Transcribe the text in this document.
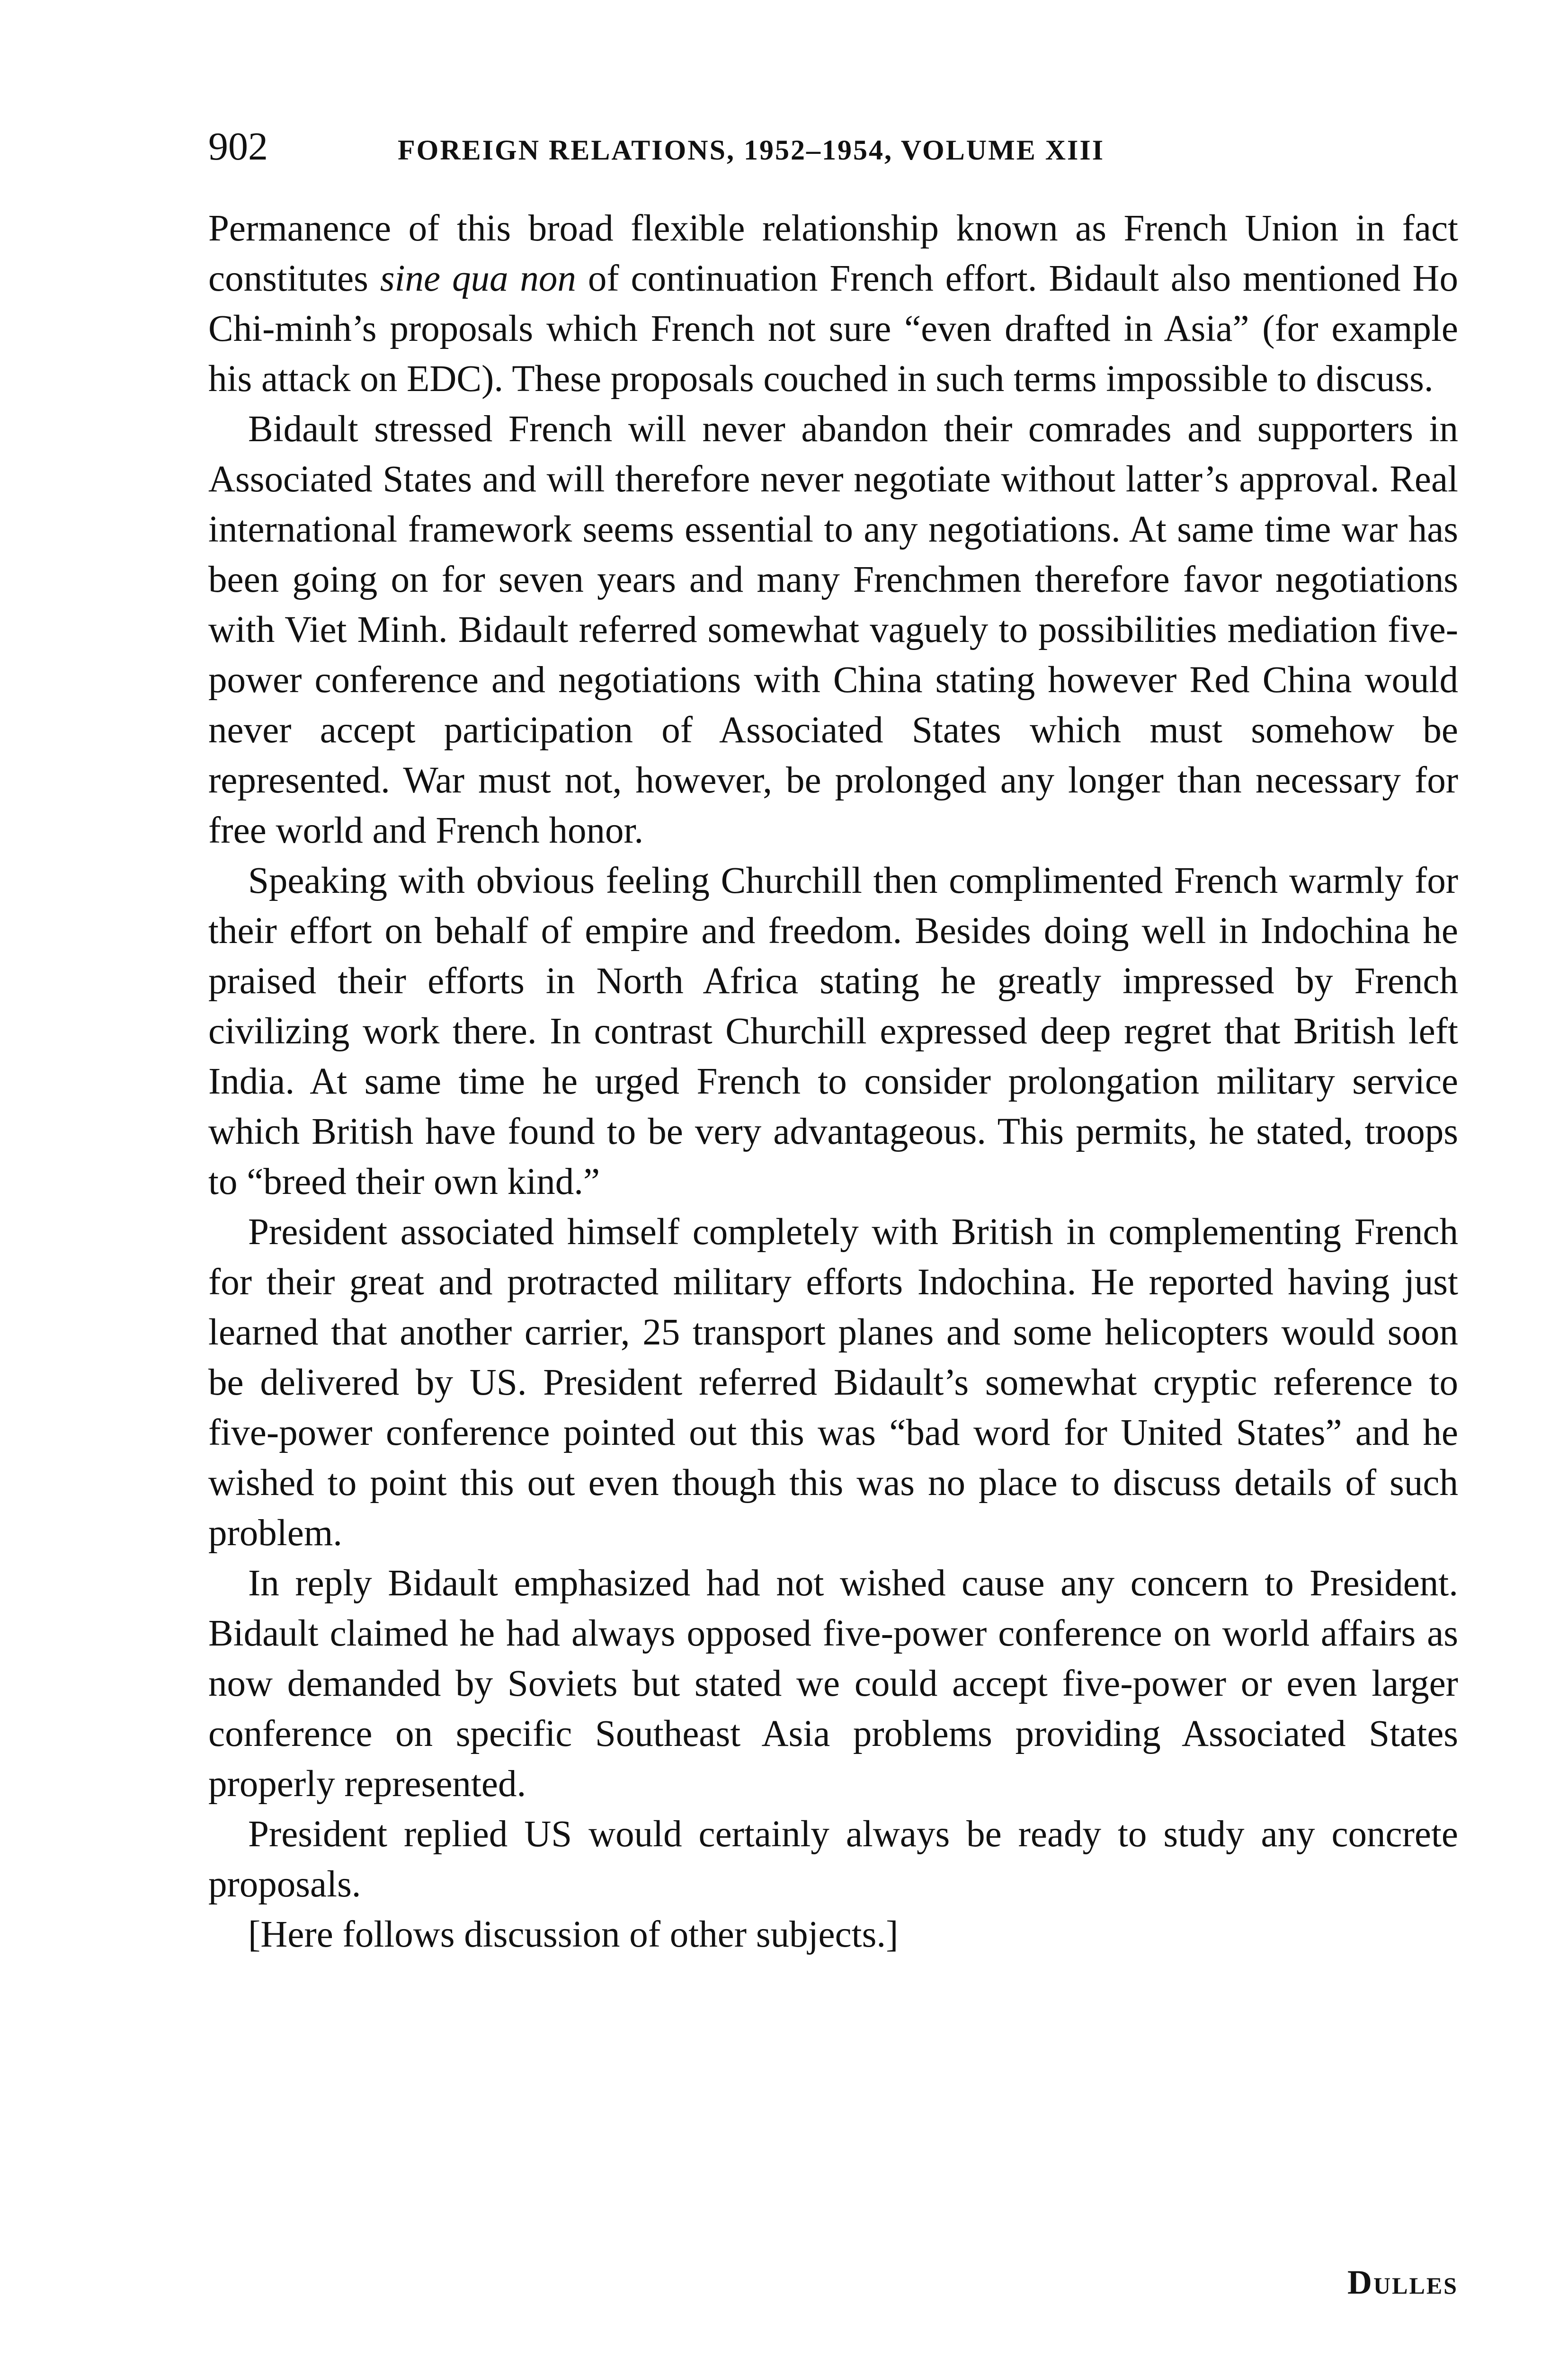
902	FOREIGN RELATIONS, 1952–1954, VOLUME XIII

Permanence of this broad flexible relationship known as French Union in fact constitutes sine qua non of continuation French effort. Bidault also mentioned Ho Chi-minh’s proposals which French not sure “even drafted in Asia” (for example his attack on EDC). These proposals couched in such terms impossible to discuss.

Bidault stressed French will never abandon their comrades and supporters in Associated States and will therefore never negotiate without latter’s approval. Real international framework seems essential to any negotiations. At same time war has been going on for seven years and many Frenchmen therefore favor negotiations with Viet Minh. Bidault referred somewhat vaguely to possibilities mediation five-power conference and negotiations with China stating however Red China would never accept participation of Associated States which must somehow be represented. War must not, however, be prolonged any longer than necessary for free world and French honor.

Speaking with obvious feeling Churchill then complimented French warmly for their effort on behalf of empire and freedom. Besides doing well in Indochina he praised their efforts in North Africa stating he greatly impressed by French civilizing work there. In contrast Churchill expressed deep regret that British left India. At same time he urged French to consider prolongation military service which British have found to be very advantageous. This permits, he stated, troops to “breed their own kind.”

President associated himself completely with British in complementing French for their great and protracted military efforts Indochina. He reported having just learned that another carrier, 25 transport planes and some helicopters would soon be delivered by US. President referred Bidault’s somewhat cryptic reference to five-power conference pointed out this was “bad word for United States” and he wished to point this out even though this was no place to discuss details of such problem.

In reply Bidault emphasized had not wished cause any concern to President. Bidault claimed he had always opposed five-power conference on world affairs as now demanded by Soviets but stated we could accept five-power or even larger conference on specific Southeast Asia problems providing Associated States properly represented.

President replied US would certainly always be ready to study any concrete proposals.

[Here follows discussion of other subjects.]

Dulles
